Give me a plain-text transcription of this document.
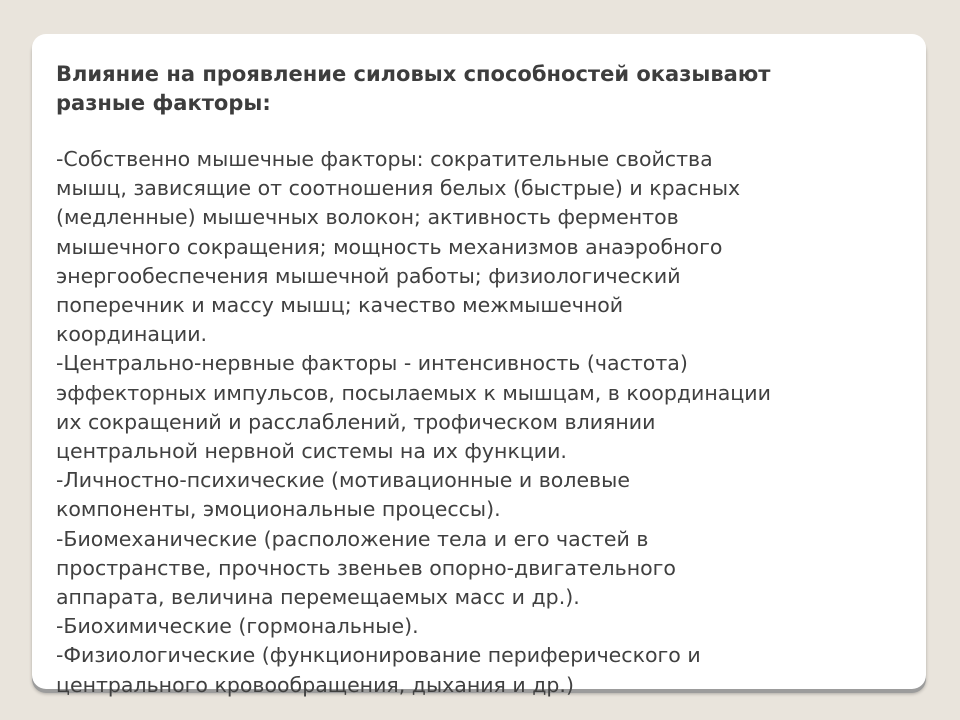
Влияние на проявление силовых способностей оказывают
разные факторы:

-Собственно мышечные факторы: сократительные свойства
мышц, зависящие от соотношения белых (быстрые) и красных
(медленные) мышечных волокон; активность ферментов
мышечного сокращения; мощность механизмов анаэробного
энергообеспечения мышечной работы; физиологический
поперечник и массу мышц; качество межмышечной
координации.

-Центрально-нервные факторы - интенсивность (частота)
эффекторных импульсов, посылаемых к мышцам, в координации
их сокращений и расслаблений, трофическом влиянии
центральной нервной системы на их функции.

-Личностно-психические (мотивационные и волевые
компоненты, эмоциональные процессы).

-Биомеханические (расположение тела и его частей в
пространстве, прочность звеньев опорно-двигательного
аппарата, величина перемещаемых масс и др.).

-Биохимические (гормональные).

-Физиологические (функционирование периферического и
центрального кровообращения, дыхания и др.)
